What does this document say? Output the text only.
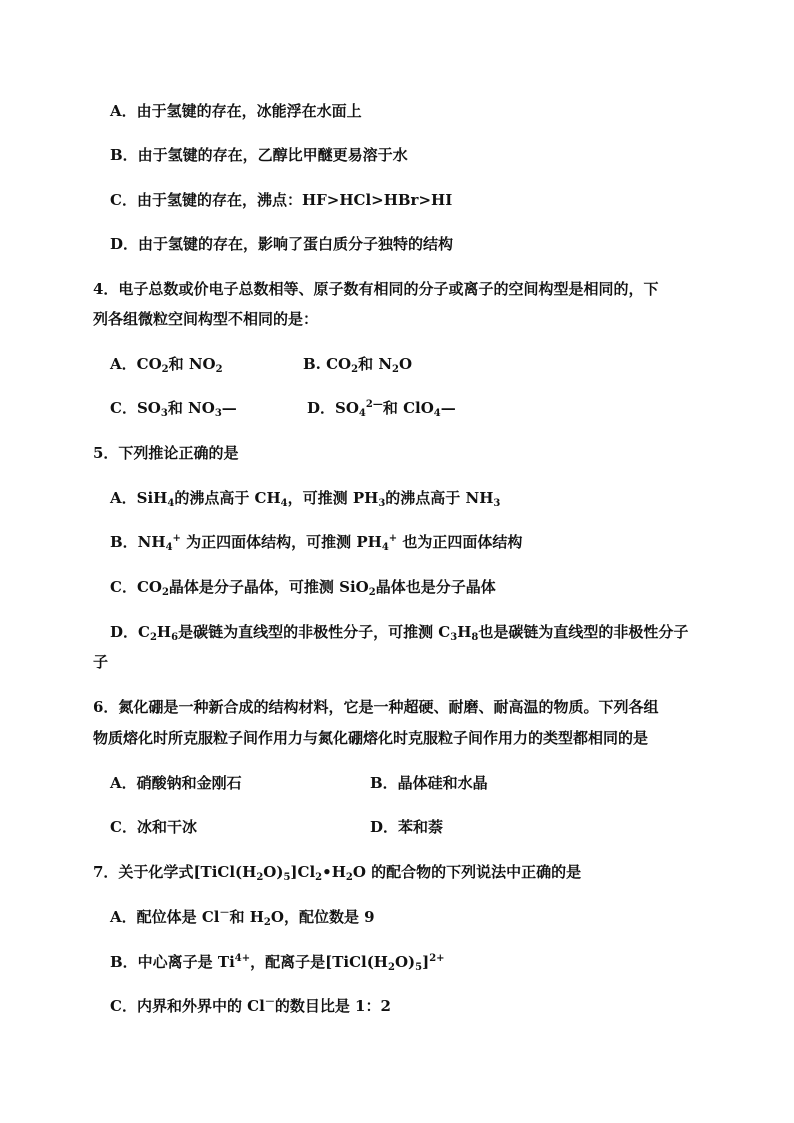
A．由于氢键的存在，冰能浮在水面上
B．由于氢键的存在，乙醇比甲醚更易溶于水
C．由于氢键的存在，沸点：HF>HCl>HBr>HI
D．由于氢键的存在，影响了蛋白质分子独特的结构
4．电子总数或价电子总数相等、原子数有相同的分子或离子的空间构型是相同的，下
列各组微粒空间构型不相同的是：
A．$CO_2$和 $NO_2$	B. $CO_2$和 $N_2O$
C．$SO_3$和 $NO_3—$	D．$SO_4^{2—}$和 ClO$_4$—
5．下列推论正确的是
A．SiH$_4$的沸点高于 $CH_4$，可推测 $PH_3$的沸点高于 $NH_3$
B．$NH_4^+$ 为正四面体结构，可推测 $PH_4^+$ 也为正四面体结构
C．$CO_2$晶体是分子晶体，可推测 SiO$_2$晶体也是分子晶体
D．$C_2H_6$是碳链为直线型的非极性分子，可推测 $C_3H_8$也是碳链为直线型的非极性分子
子
6．氮化硼是一种新合成的结构材料，它是一种超硬、耐磨、耐高温的物质。下列各组
物质熔化时所克服粒子间作用力与氮化硼熔化时克服粒子间作用力的类型都相同的是
A．硝酸钠和金刚石	B．晶体硅和水晶
C．冰和干冰	D．苯和萘
7．关于化学式$[TiCl(H_2O)_5]Cl_2•H_2O$ 的配合物的下列说法中正确的是
A．配位体是 Cl－和 $H_2O$，配位数是 9
B．中心离子是 $Ti^{4+}$，配离子是$[TiCl(H_2O)_5]^{2+}$
C．内界和外界中的 Cl－的数目比是 1：2
